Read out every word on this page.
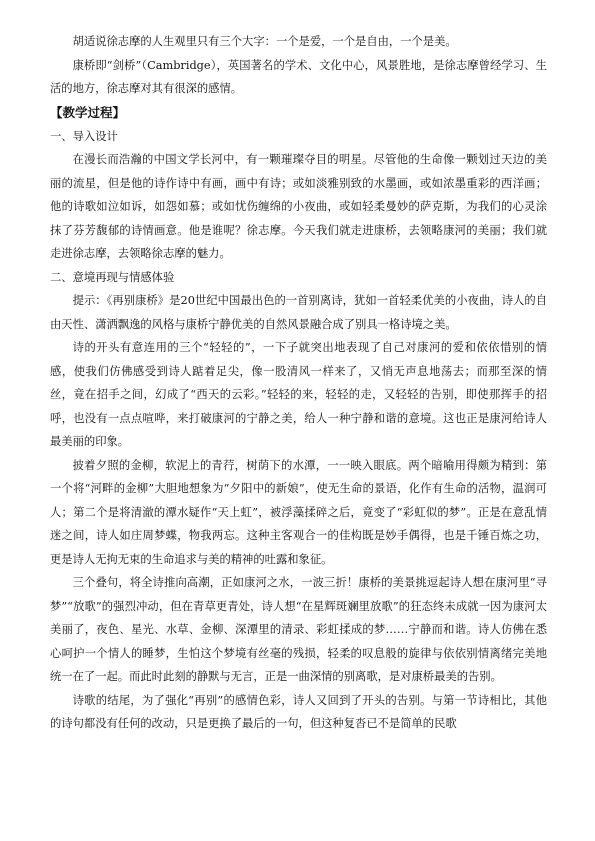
胡适说徐志摩的人生观里只有三个大字：一个是爱，一个是自由，一个是美。

康桥即“剑桥”（Cambridge），英国著名的学术、文化中心，风景胜地，是徐志摩曾经学习、生活的地方，徐志摩对其有很深的感情。

【教学过程】

一、导入设计

在漫长而浩瀚的中国文学长河中，有一颗璀璨夺目的明星。尽管他的生命像一颗划过天边的美丽的流星，但是他的诗作诗中有画，画中有诗；或如淡雅别致的水墨画，或如浓墨重彩的西洋画；他的诗歌如泣如诉，如怨如慕；或如忧伤缠绵的小夜曲，或如轻柔曼妙的萨克斯，为我们的心灵涂抹了芬芳馥郁的诗情画意。他是谁呢？徐志摩。今天我们就走进康桥，去领略康河的美丽；我们就走进徐志摩，去领略徐志摩的魅力。

二、意境再现与情感体验

提示：《再别康桥》是20世纪中国最出色的一首别离诗，犹如一首轻柔优美的小夜曲，诗人的自由天性、潇洒飘逸的风格与康桥宁静优美的自然风景融合成了别具一格诗境之美。

诗的开头有意连用的三个“轻轻的”，一下子就突出地表现了自己对康河的爱和依依惜别的情感，使我们仿佛感受到诗人踮着足尖，像一股清风一样来了，又悄无声息地荡去；而那至深的情丝，竟在招手之间，幻成了“西天的云彩。”轻轻的来，轻轻的走，又轻轻的告别，即使那挥手的招呼，也没有一点点喧哗，来打破康河的宁静之美，给人一种宁静和谐的意境。这也正是康河给诗人最美丽的印象。

披着夕照的金柳，软泥上的青荇，树荫下的水潭，一一映入眼底。两个暗喻用得颇为精到：第一个将“河畔的金柳”大胆地想象为“夕阳中的新娘”，使无生命的景语，化作有生命的活物，温润可人；第二个是将清澈的潭水疑作“天上虹”，被浮藻揉碎之后，竟变了“彩虹似的梦”。正是在意乱情迷之间，诗人如庄周梦蝶，物我两忘。这种主客观合一的佳构既是妙手偶得，也是千锤百炼之功，更是诗人无拘无束的生命追求与美的精神的吐露和象征。

三个叠句，将全诗推向高潮，正如康河之水，一波三折！康桥的美景挑逗起诗人想在康河里“寻梦”“放歌”的强烈冲动，但在青草更青处，诗人想“在星辉斑斓里放歌”的狂态终未成就一因为康河太美丽了，夜色、星光、水草、金柳、深潭里的清录、彩虹揉成的梦……宁静而和谐。诗人仿佛在悉心呵护一个情人的睡梦，生怕这个梦境有丝毫的残损，轻柔的叹息般的旋律与依依别情离绪完美地统一在了一起。而此时此刻的静默与无言，正是一曲深情的别离歌，是对康桥最美的告别。

诗歌的结尾，为了强化“再别”的感情色彩，诗人又回到了开头的告别。与第一节诗相比，其他的诗句都没有任何的改动，只是更换了最后的一句，但这种复沓已不是简单的民歌
